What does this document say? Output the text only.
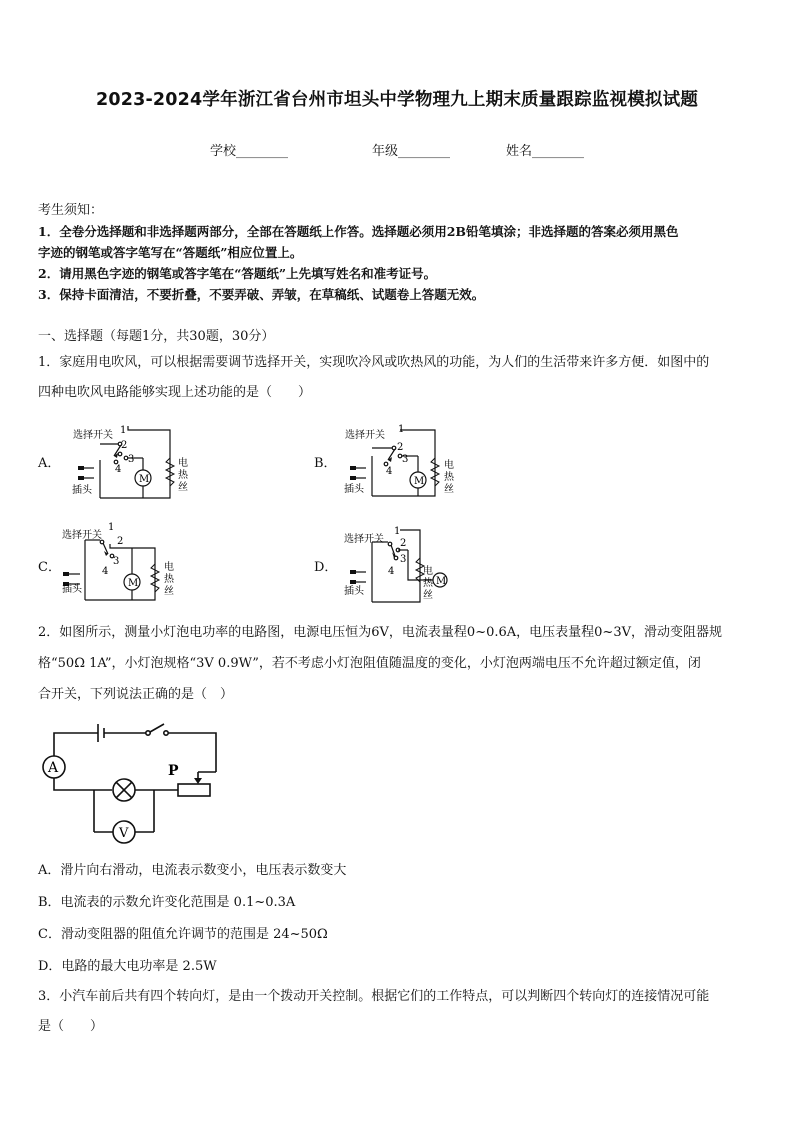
2023-2024学年浙江省台州市坦头中学物理九上期末质量跟踪监视模拟试题
学校________	年级________	姓名________
考生须知：
1．全卷分选择题和非选择题两部分，全部在答题纸上作答。选择题必须用2B铅笔填涂；非选择题的答案必须用黑色
字迹的钢笔或答字笔写在“答题纸”相应位置上。
2．请用黑色字迹的钢笔或答字笔在“答题纸”上先填写姓名和准考证号。
3．保持卡面清洁，不要折叠，不要弄破、弄皱，在草稿纸、试题卷上答题无效。
一、选择题（每题1分，共30题，30分）
1．家庭用电吹风，可以根据需要调节选择开关，实现吹冷风或吹热风的功能，为人们的生活带来许多方便．如图中的
四种电吹风电路能够实现上述功能的是（　　）
A．	B．
C．	D．
选择开关 1
2
3
4
M
插头
电
热
丝
选择开关
1
2
3
4
M
插头
电
热
丝
选择开关
1
2
3
4
M
插头
电
热
丝
选择开关
1
2
3
4
M
插头
电
热
丝
2．如图所示，测量小灯泡电功率的电路图，电源电压恒为6V，电流表量程0~0.6A，电压表量程0~3V，滑动变阻器规
格“50Ω 1A”，小灯泡规格“3V 0.9W”，若不考虑小灯泡阻值随温度的变化，小灯泡两端电压不允许超过额定值，闭
合开关，下列说法正确的是（　）
A
V
P
A．滑片向右滑动，电流表示数变小，电压表示数变大
B．电流表的示数允许变化范围是 0.1~0.3A
C．滑动变阻器的阻值允许调节的范围是 24~50Ω
D．电路的最大电功率是 2.5W
3．小汽车前后共有四个转向灯，是由一个拨动开关控制。根据它们的工作特点，可以判断四个转向灯的连接情况可能
是（　　）
